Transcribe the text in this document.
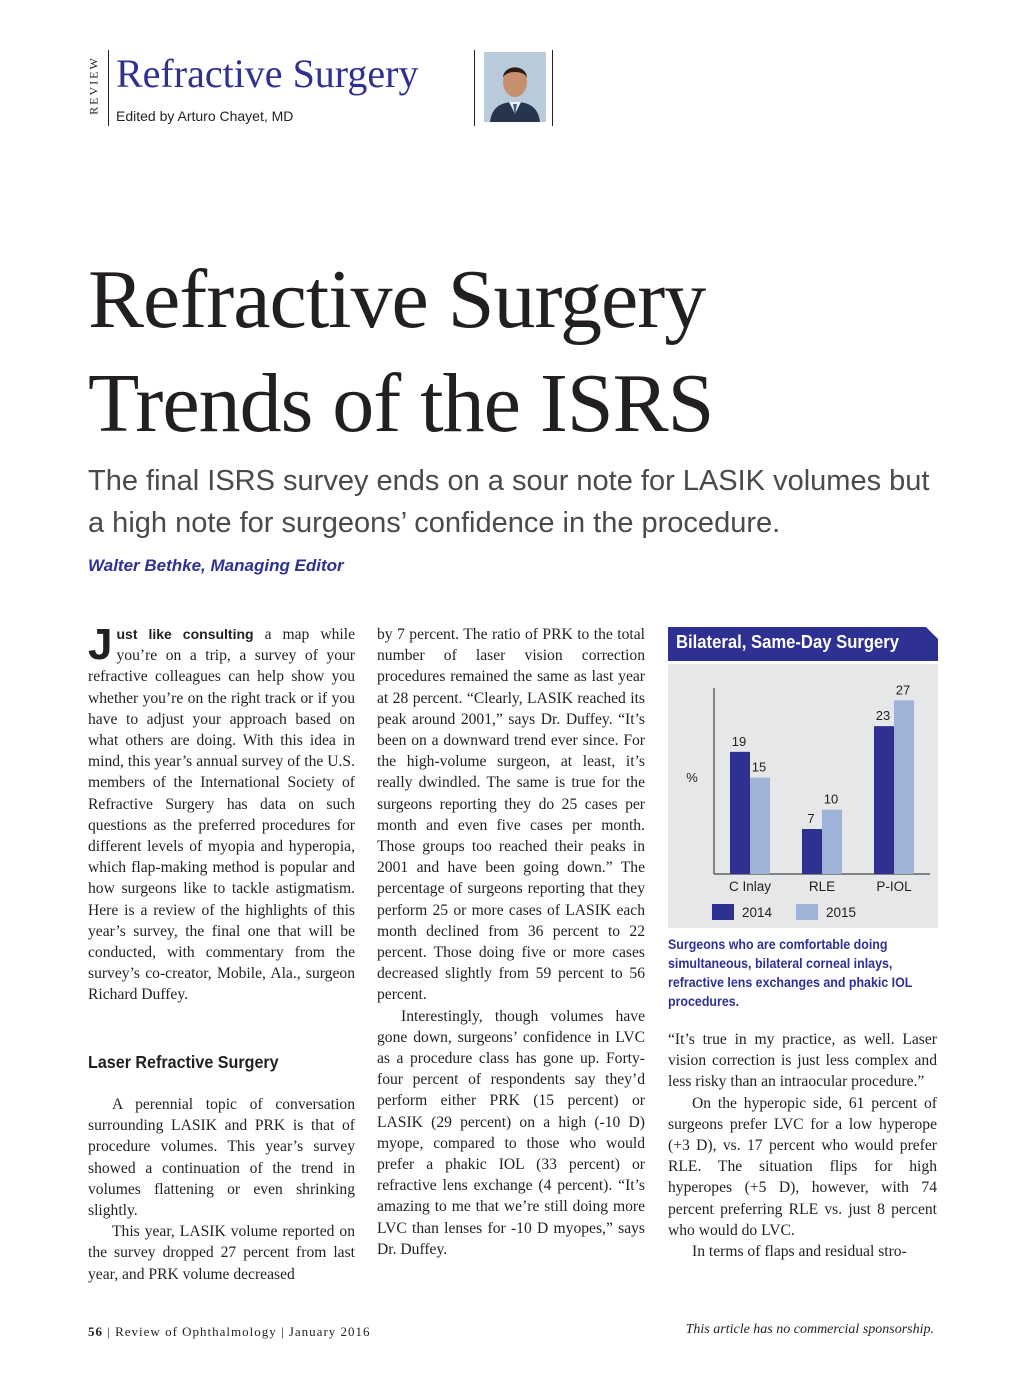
REVIEW Refractive Surgery
Edited by Arturo Chayet, MD
Refractive Surgery
Trends of the ISRS
The final ISRS survey ends on a sour note for LASIK volumes but a high note for surgeons’ confidence in the procedure.
Walter Bethke, Managing Editor

Just like consulting a map while you’re on a trip, a survey of your refractive colleagues can help show you whether you’re on the right track or if you have to adjust your approach based on what others are doing. With this idea in mind, this year’s annual survey of the U.S. members of the International Society of Refractive Surgery has data on such questions as the preferred procedures for different levels of myopia and hyperopia, which flap-making method is popular and how surgeons like to tackle astigmatism. Here is a review of the highlights of this year’s survey, the final one that will be conducted, with commentary from the survey’s co-creator, Mobile, Ala., surgeon Richard Duffey.

Laser Refractive Surgery

A perennial topic of conversation surrounding LASIK and PRK is that of procedure volumes. This year’s survey showed a continuation of the trend in volumes flattening or even shrinking slightly.

This year, LASIK volume reported on the survey dropped 27 percent from last year, and PRK volume decreased

by 7 percent. The ratio of PRK to the total number of laser vision correction procedures remained the same as last year at 28 percent. “Clearly, LASIK reached its peak around 2001,” says Dr. Duffey. “It’s been on a downward trend ever since. For the high-volume surgeon, at least, it’s really dwindled. The same is true for the surgeons reporting they do 25 cases per month and even five cases per month. Those groups too reached their peaks in 2001 and have been going down.” The percentage of surgeons reporting that they perform 25 or more cases of LASIK each month declined from 36 percent to 22 percent. Those doing five or more cases decreased slightly from 59 percent to 56 percent.

Interestingly, though volumes have gone down, surgeons’ confidence in LVC as a procedure class has gone up. Forty-four percent of respondents say they’d perform either PRK (15 percent) or LASIK (29 percent) on a high (-10 D) myope, compared to those who would prefer a phakic IOL (33 percent) or refractive lens exchange (4 percent). “It’s amazing to me that we’re still doing more LVC than lenses for -10 D myopes,” says Dr. Duffey.

Bilateral, Same-Day Surgery
%
19
15
C Inlay
7
10
RLE
23
27
P-IOL
2014	2015
Surgeons who are comfortable doing simultaneous, bilateral corneal inlays, refractive lens exchanges and phakic IOL procedures.

“It’s true in my practice, as well. Laser vision correction is just less complex and less risky than an intraocular procedure.”

On the hyperopic side, 61 percent of surgeons prefer LVC for a low hyperope (+3 D), vs. 17 percent who would prefer RLE. The situation flips for high hyperopes (+5 D), however, with 74 percent preferring RLE vs. just 8 percent who would do LVC.

In terms of flaps and residual stro-

56 | Review of Ophthalmology | January 2016	This article has no commercial sponsorship.
